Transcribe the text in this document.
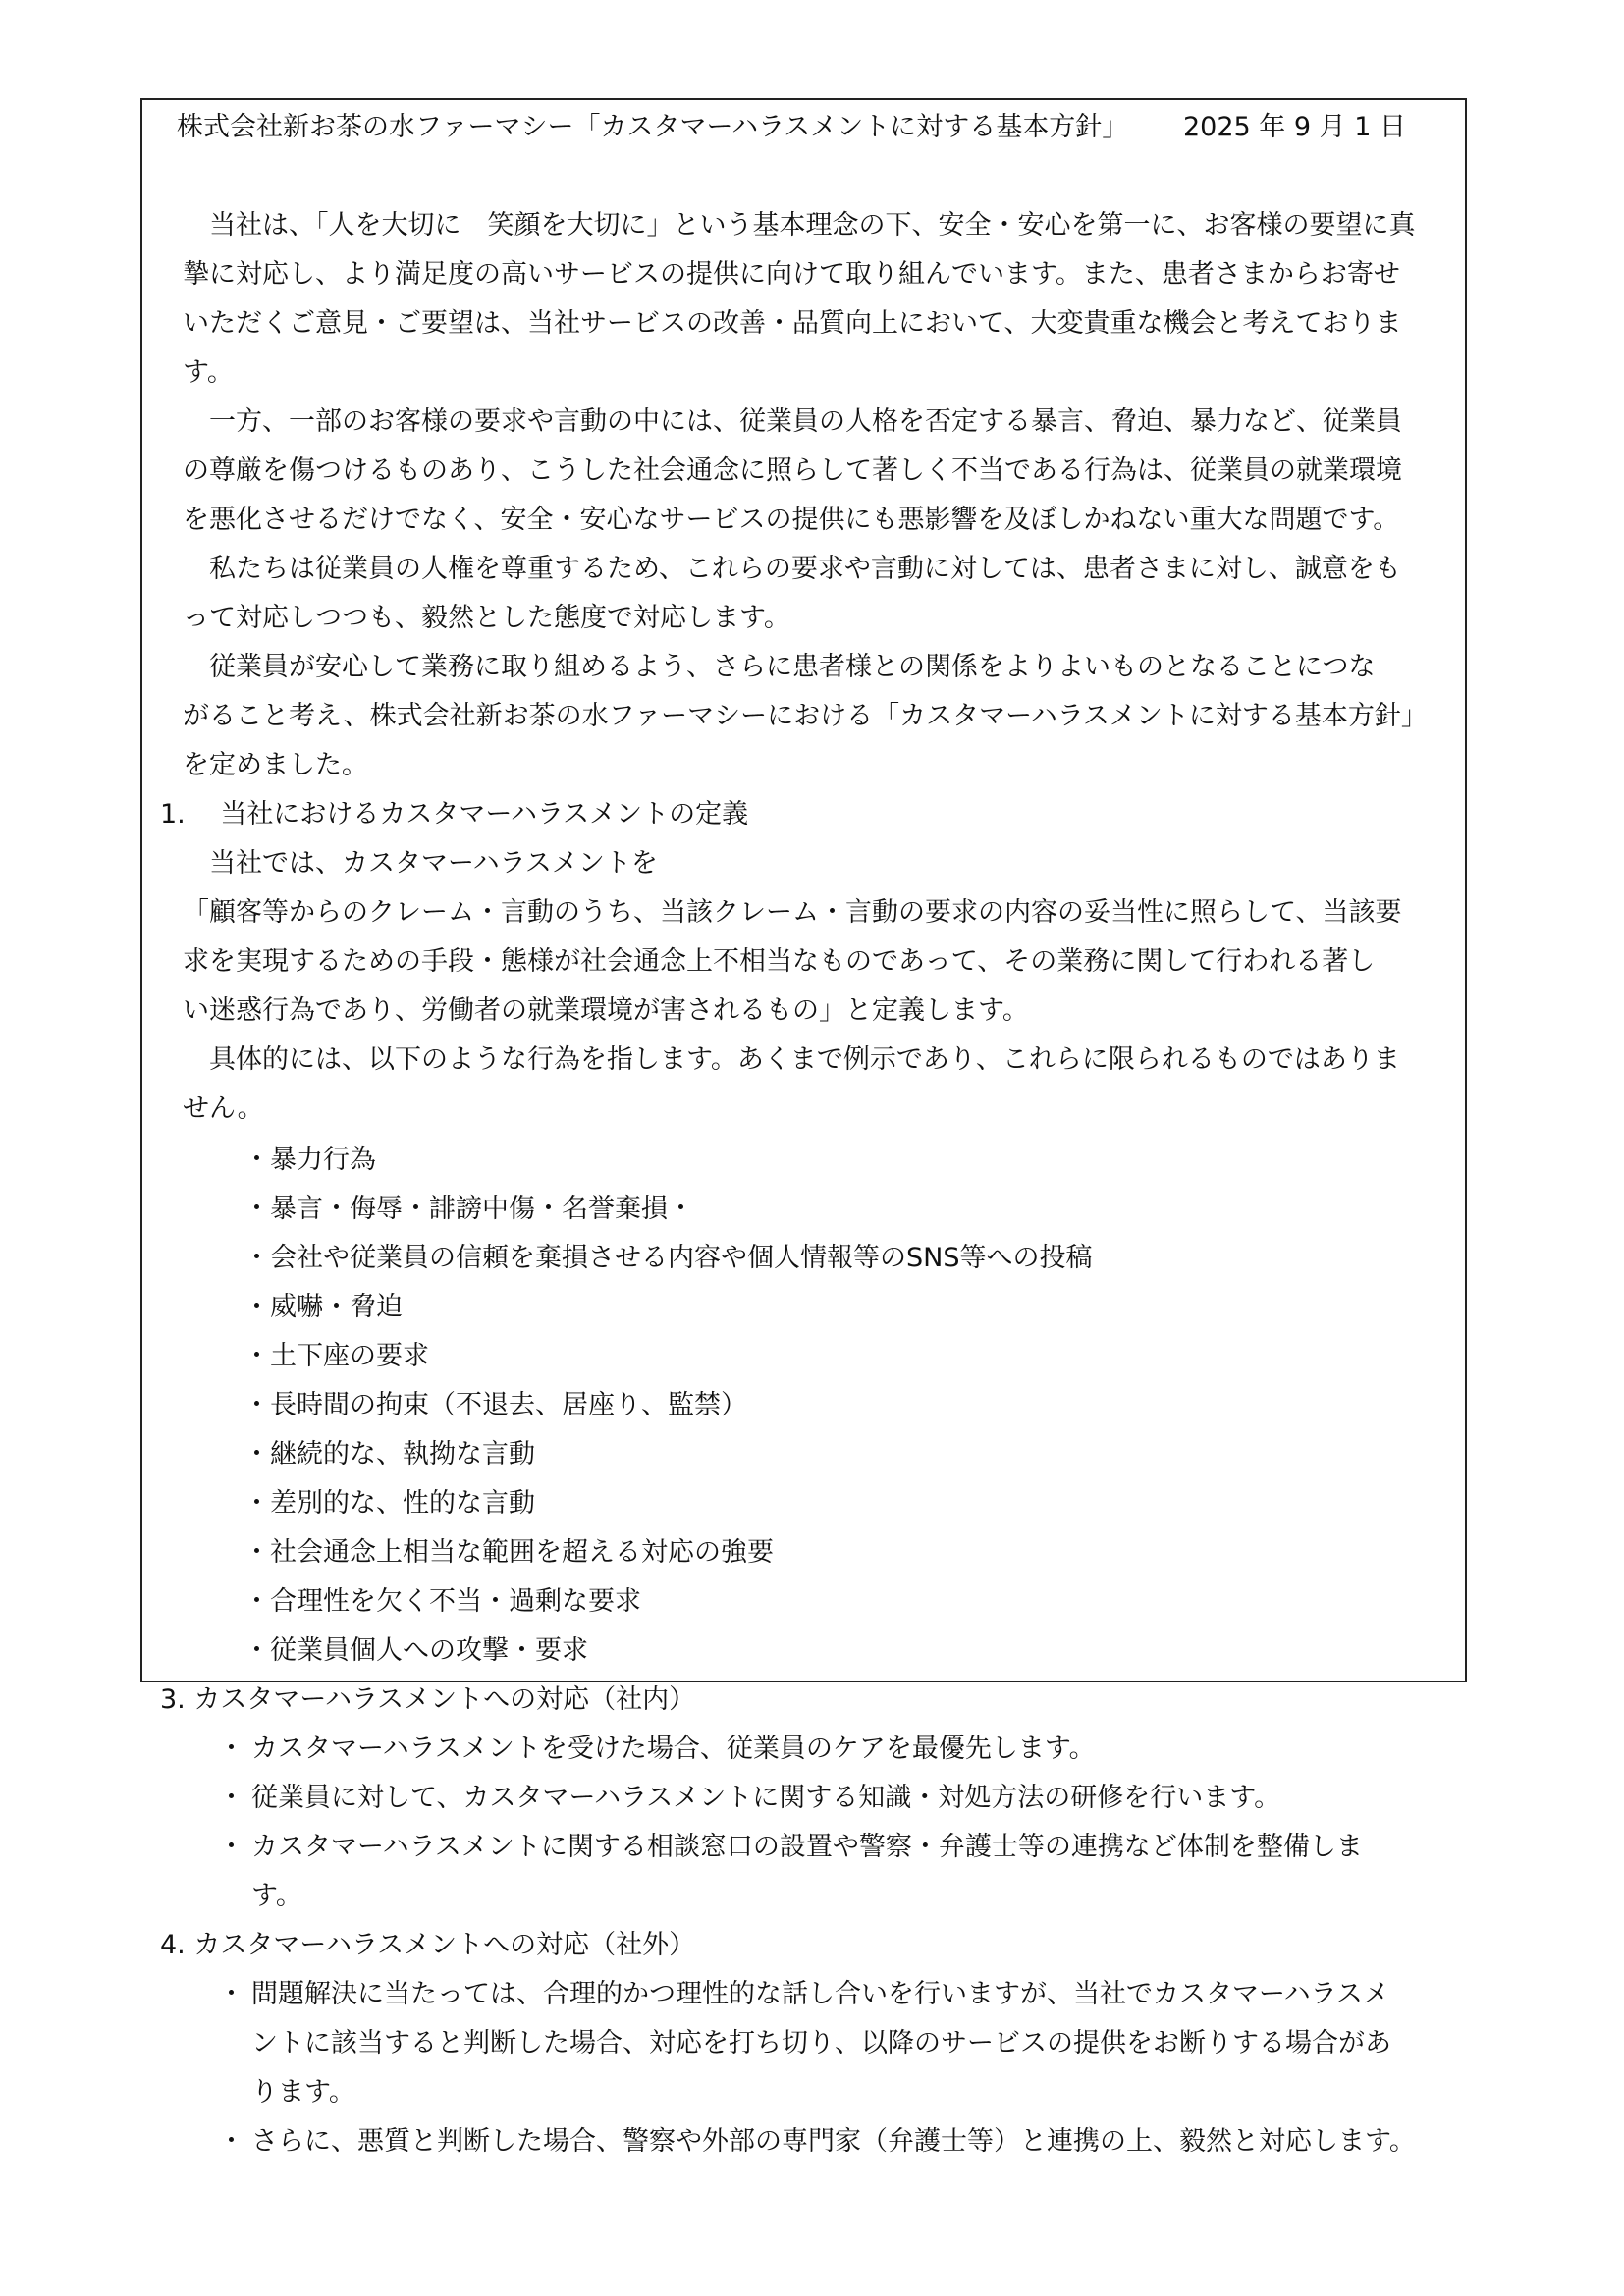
株式会社新お茶の水ファーマシー「カスタマーハラスメントに対する基本方針」 2025 年 9 月 1 日
　当社は、「人を大切に　笑顔を大切に」という基本理念の下、安全・安心を第一に、お客様の要望に真
摯に対応し、より満足度の高いサービスの提供に向けて取り組んでいます。また、患者さまからお寄せ
いただくご意見・ご要望は、当社サービスの改善・品質向上において、大変貴重な機会と考えておりま
す。
　一方、一部のお客様の要求や言動の中には、従業員の人格を否定する暴言、脅迫、暴力など、従業員
の尊厳を傷つけるものあり、こうした社会通念に照らして著しく不当である行為は、従業員の就業環境
を悪化させるだけでなく、安全・安心なサービスの提供にも悪影響を及ぼしかねない重大な問題です。
　私たちは従業員の人権を尊重するため、これらの要求や言動に対しては、患者さまに対し、誠意をも
って対応しつつも、毅然とした態度で対応します。
　従業員が安心して業務に取り組めるよう、さらに患者様との関係をよりよいものとなることにつな
がること考え、株式会社新お茶の水ファーマシーにおける「カスタマーハラスメントに対する基本方針」
を定めました。
1.　 当社におけるカスタマーハラスメントの定義
　当社では、カスタマーハラスメントを
「顧客等からのクレーム・言動のうち、当該クレーム・言動の要求の内容の妥当性に照らして、当該要
求を実現するための手段・態様が社会通念上不相当なものであって、その業務に関して行われる著し
い迷惑行為であり、労働者の就業環境が害されるもの」と定義します。
　具体的には、以下のような行為を指します。あくまで例示であり、これらに限られるものではありま
せん。
・暴力行為
・暴言・侮辱・誹謗中傷・名誉棄損・
・会社や従業員の信頼を棄損させる内容や個人情報等のSNS等への投稿
・威嚇・脅迫
・土下座の要求
・長時間の拘束（不退去、居座り、監禁）
・継続的な、執拗な言動
・差別的な、性的な言動
・社会通念上相当な範囲を超える対応の強要
・合理性を欠く不当・過剰な要求
・従業員個人への攻撃・要求
3. カスタマーハラスメントへの対応（社内）
・ カスタマーハラスメントを受けた場合、従業員のケアを最優先します。
・ 従業員に対して、カスタマーハラスメントに関する知識・対処方法の研修を行います。
・ カスタマーハラスメントに関する相談窓口の設置や警察・弁護士等の連携など体制を整備しま
す。
4. カスタマーハラスメントへの対応（社外）
・ 問題解決に当たっては、合理的かつ理性的な話し合いを行いますが、当社でカスタマーハラスメ
ントに該当すると判断した場合、対応を打ち切り、以降のサービスの提供をお断りする場合があ
ります。
・ さらに、悪質と判断した場合、警察や外部の専門家（弁護士等）と連携の上、毅然と対応します。
